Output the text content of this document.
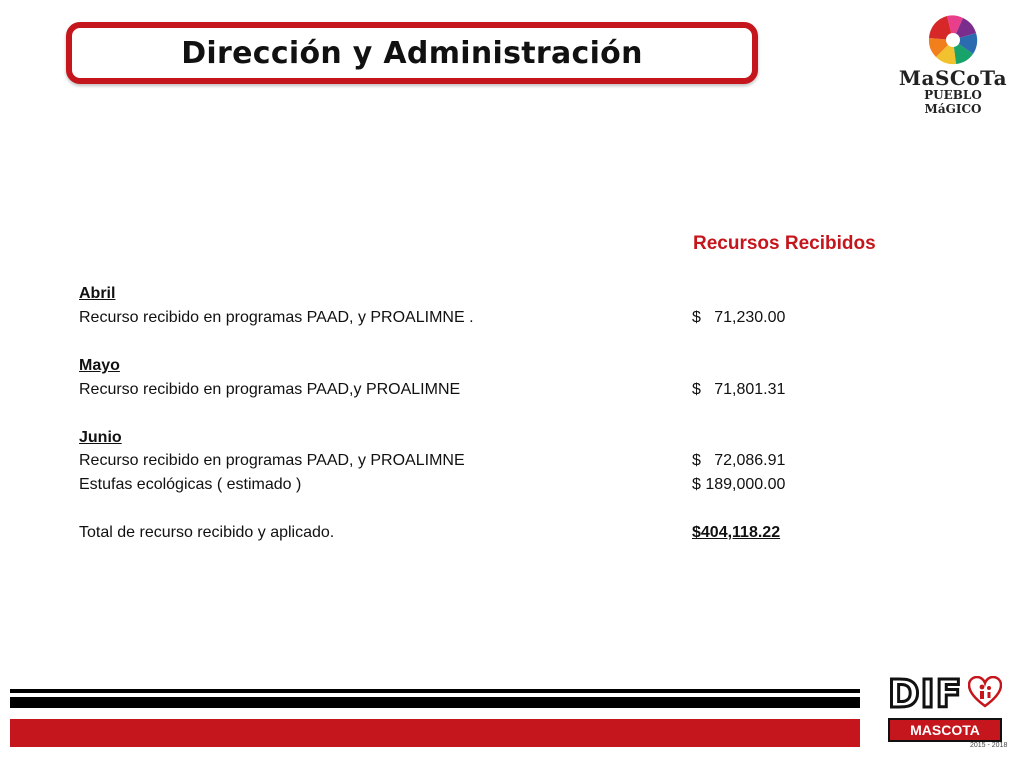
Dirección y Administración
MaSCoTa
PUEBLO MáGICO
Recursos Recibidos
Abril
Recurso recibido en programas PAAD, y PROALIMNE .	$   71,230.00
Mayo
Recurso recibido en programas PAAD,y PROALIMNE	$   71,801.31
Junio
Recurso recibido en programas PAAD, y PROALIMNE	$   72,086.91
Estufas ecológicas ( estimado )	$ 189,000.00
Total de recurso recibido y aplicado.	$404,118.22
DIF
MASCOTA
2015 - 2018
